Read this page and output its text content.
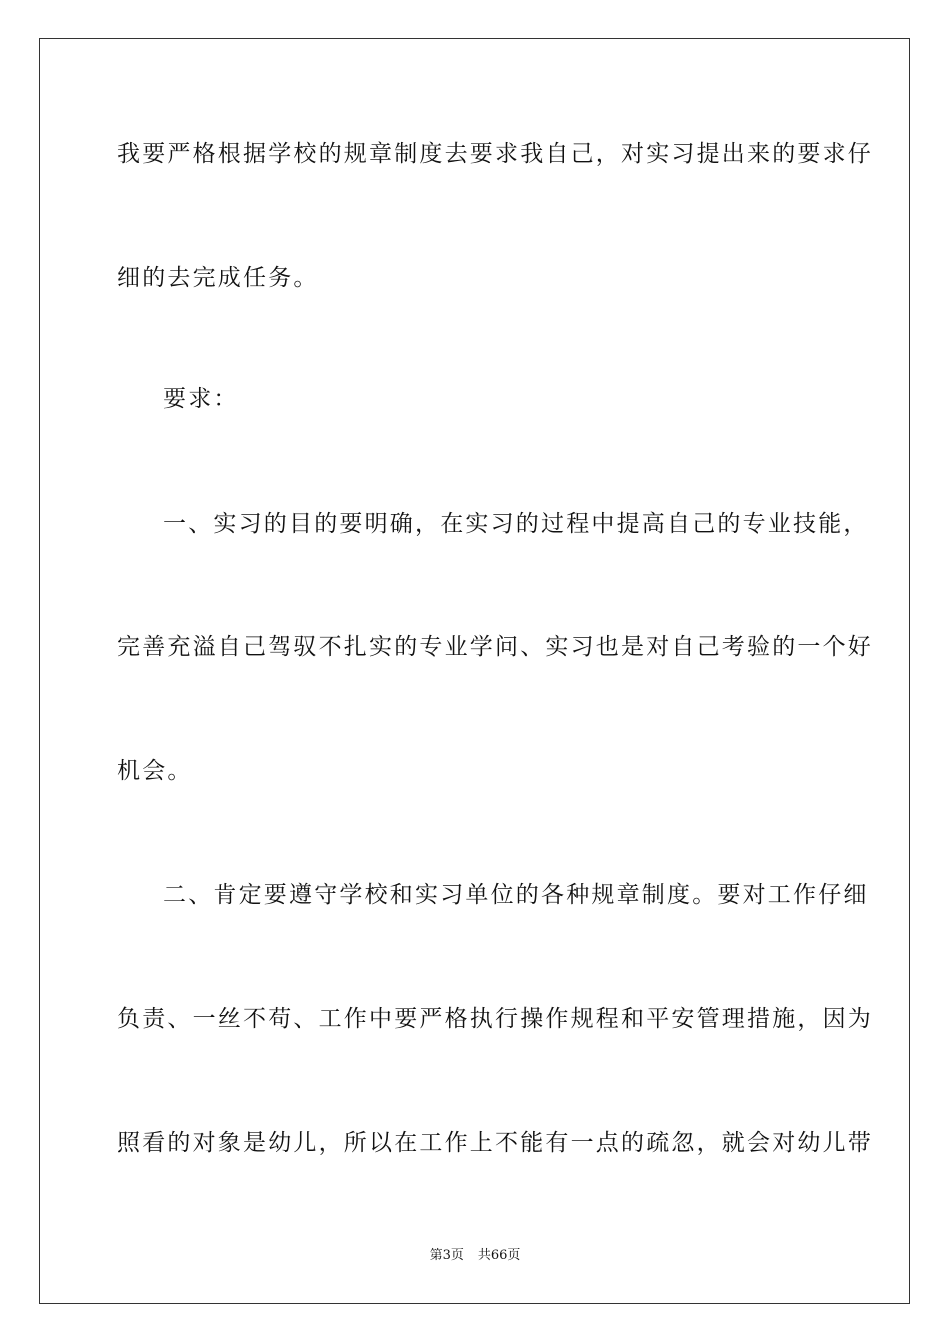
我要严格根据学校的规章制度去要求我自己，对实习提出来的要求仔
细的去完成任务。
要求：
一、实习的目的要明确，在实习的过程中提高自己的专业技能，
完善充溢自己驾驭不扎实的专业学问、实习也是对自己考验的一个好
机会。
二、肯定要遵守学校和实习单位的各种规章制度。要对工作仔细
负责、一丝不苟、工作中要严格执行操作规程和平安管理措施，因为
照看的对象是幼儿，所以在工作上不能有一点的疏忽，就会对幼儿带
第3页 共66页
